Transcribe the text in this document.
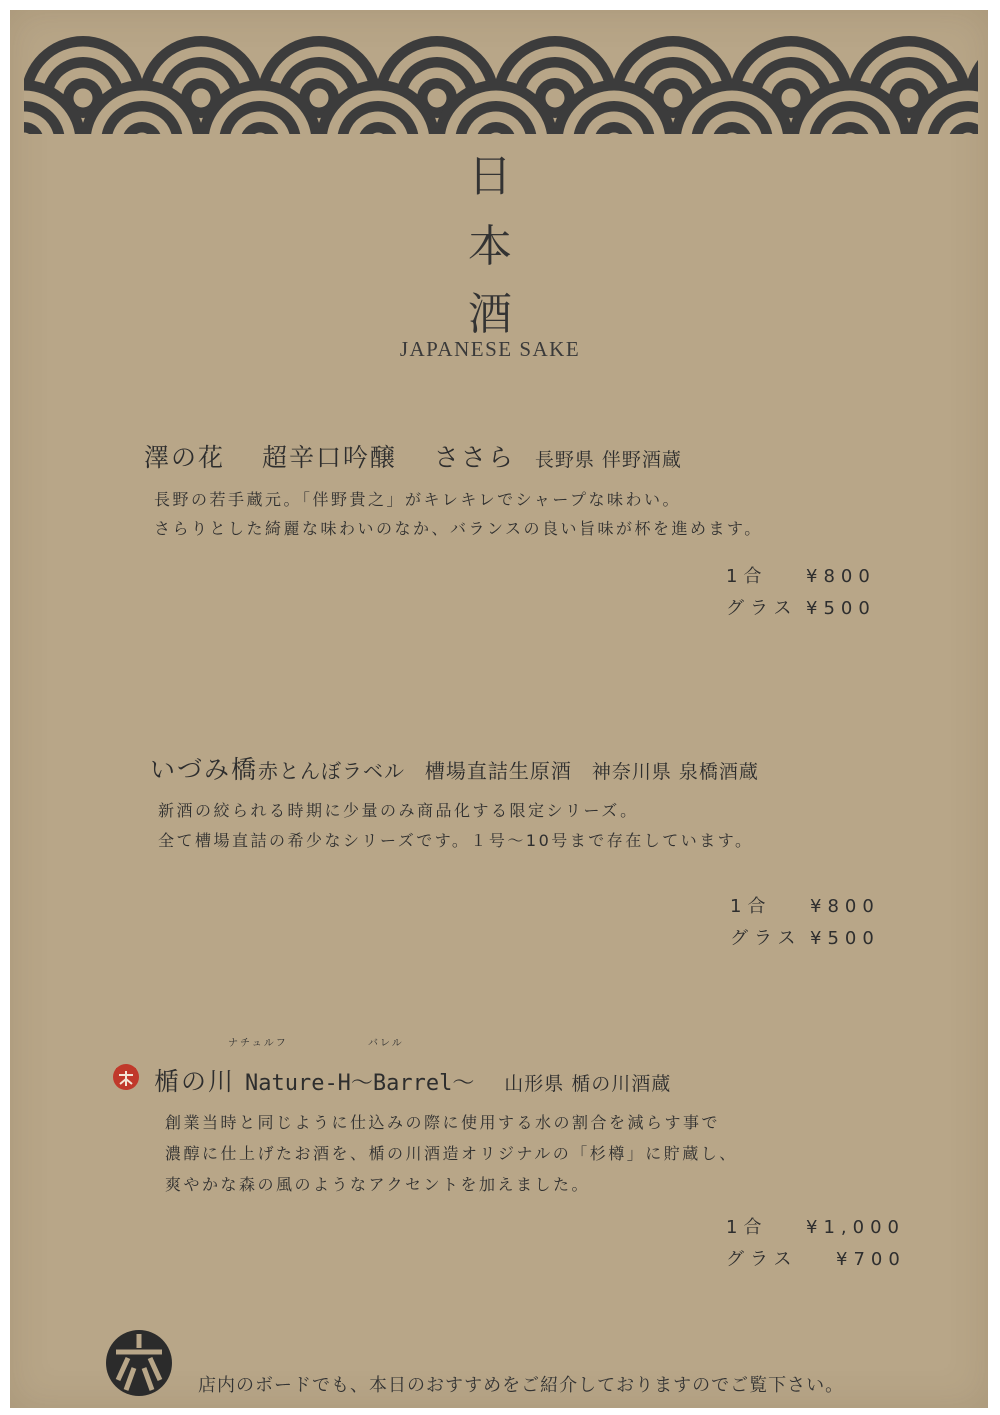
日
本
酒
JAPANESE SAKE
澤の花　 超辛口吟醸　 ささら 長野県 伴野酒蔵
長野の若手蔵元。「伴野貴之」がキレキレでシャープな味わい。
さらりとした綺麗な味わいのなか、バランスの良い旨味が杯を進めます。
1合 ¥800
グラス ¥500
いづみ橋赤とんぼラベル 槽場直詰生原酒 神奈川県 泉橋酒蔵
新酒の絞られる時期に少量のみ商品化する限定シリーズ。
全て槽場直詰の希少なシリーズです。１号〜10号まで存在しています。
1合 ¥800
グラス ¥500
ナチュルフ	バレル
楯の川 Nature-H〜Barrel〜 山形県 楯の川酒蔵
創業当時と同じように仕込みの際に使用する水の割合を減らす事で
濃醇に仕上げたお酒を、楯の川酒造オリジナルの「杉樽」に貯蔵し、
爽やかな森の風のようなアクセントを加えました。
1合 ¥1,000
グラス ¥700
店内のボードでも、本日のおすすめをご紹介しておりますのでご覧下さい。
